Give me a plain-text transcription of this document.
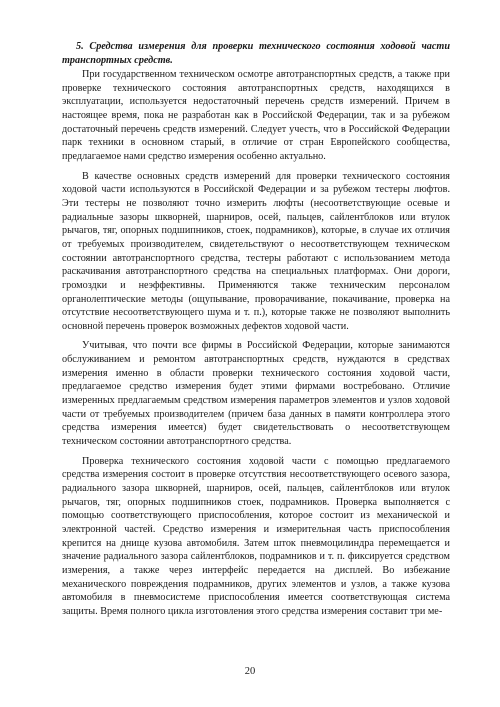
5. Средства измерения для проверки технического состояния ходовой части транспортных средств.

При государственном техническом осмотре автотранспортных средств, а также при проверке технического состояния автотранспортных средств, находящихся в эксплуатации, используется недостаточный перечень средств измерений. Причем в настоящее время, пока не разработан как в Российской Федерации, так и за рубежом достаточный перечень средств измерений. Следует учесть, что в Российской Федерации парк техники в основном старый, в отличие от стран Европейского сообщества, предлагаемое нами средство измерения особенно актуально.

В качестве основных средств измерений для проверки технического состояния ходовой части используются в Российской Федерации и за рубежом тестеры люфтов. Эти тестеры не позволяют точно измерить люфты (несоответствующие осевые и радиальные зазоры шкворней, шарниров, осей, пальцев, сайлентблоков или втулок рычагов, тяг, опорных подшипников, стоек, подрамников), которые, в случае их отличия от требуемых производителем, свидетельствуют о несоответствующем техническом состоянии автотранспортного средства, тестеры работают с использованием метода раскачивания автотранспортного средства на специальных платформах. Они дороги, громоздки и неэффективны. Применяются также техническим персоналом органолептические методы (ощупывание, проворачивание, покачивание, проверка на отсутствие несоответствующего шума и т. п.), которые также не позволяют выполнить основной перечень проверок возможных дефектов ходовой части.

Учитывая, что почти все фирмы в Российской Федерации, которые занимаются обслуживанием и ремонтом автотранспортных средств, нуждаются в средствах измерения именно в области проверки технического состояния ходовой части, предлагаемое средство измерения будет этими фирмами востребовано. Отличие измеренных предлагаемым средством измерения параметров элементов и узлов ходовой части от требуемых производителем (причем база данных в памяти контроллера этого средства измерения имеется) будет свидетельствовать о несоответствующем техническом состоянии автотранспортного средства.

Проверка технического состояния ходовой части с помощью предлагаемого средства измерения состоит в проверке отсутствия несоответствующего осевого зазора, радиального зазора шкворней, шарниров, осей, пальцев, сайлентблоков или втулок рычагов, тяг, опорных подшипников стоек, подрамников. Проверка выполняется с помощью соответствующего приспособления, которое состоит из механической и электронной частей. Средство измерения и измерительная часть приспособления крепится на днище кузова автомобиля. Затем шток пневмоцилиндра перемещается и значение радиального зазора сайлентблоков, подрамников и т. п. фиксируется средством измерения, а также через интерфейс передается на дисплей. Во избежание механического повреждения подрамников, других элементов и узлов, а также кузова автомобиля в пневмосистеме приспособления имеется соответствующая система защиты. Время полного цикла изготовления этого средства измерения составит три ме-

20
